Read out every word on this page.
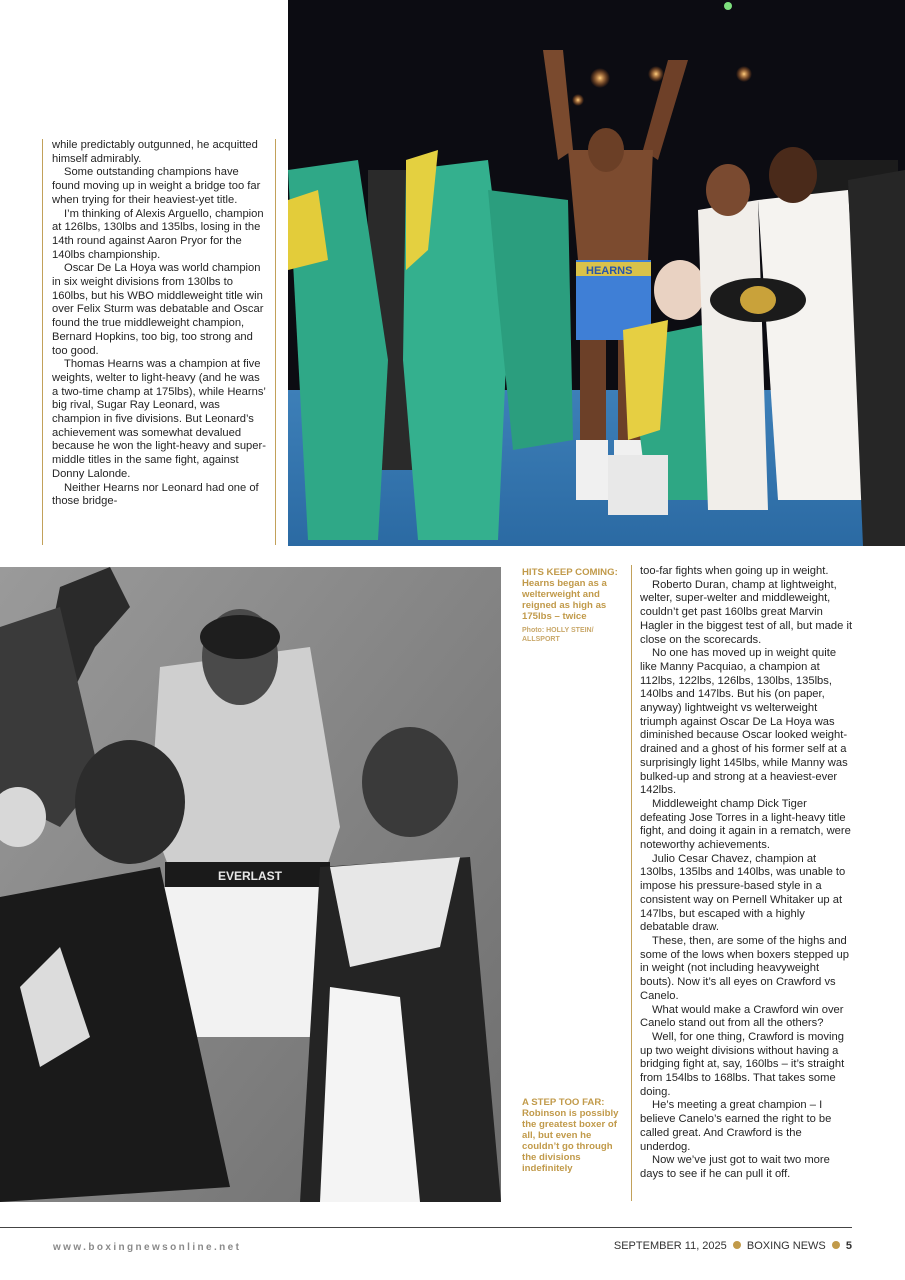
while predictably outgunned, he acquitted himself admirably.

Some outstanding champions have found moving up in weight a bridge too far when trying for their heaviest-yet title.

I’m thinking of Alexis Arguello, champion at 126lbs, 130lbs and 135lbs, losing in the 14th round against Aaron Pryor for the 140lbs championship.

Oscar De La Hoya was world champion in six weight divisions from 130lbs to 160lbs, but his WBO middleweight title win over Felix Sturm was debatable and Oscar found the true middleweight champion, Bernard Hopkins, too big, too strong and too good.

Thomas Hearns was a champion at five weights, welter to light-heavy (and he was a two-time champ at 175lbs), while Hearns’ big rival, Sugar Ray Leonard, was champion in five divisions. But Leonard’s achievement was somewhat devalued because he won the light-heavy and super-middle titles in the same fight, against Donny Lalonde.

Neither Hearns nor Leonard had one of those bridge-

HEARNS
EVERLAST
HITS KEEP COMING: Hearns began as a welterweight and reigned as high as 175lbs – twice
Photo: HOLLY STEIN/ ALLSPORT
A STEP TOO FAR: Robinson is possibly the greatest boxer of all, but even he couldn’t go through the divisions indefinitely

too-far fights when going up in weight.

Roberto Duran, champ at lightweight, welter, super-welter and middleweight, couldn’t get past 160lbs great Marvin Hagler in the biggest test of all, but made it close on the scorecards.

No one has moved up in weight quite like Manny Pacquiao, a champion at 112lbs, 122lbs, 126lbs, 130lbs, 135lbs, 140lbs and 147lbs. But his (on paper, anyway) lightweight vs welterweight triumph against Oscar De La Hoya was diminished because Oscar looked weight-drained and a ghost of his former self at a surprisingly light 145lbs, while Manny was bulked-up and strong at a heaviest-ever 142lbs.

Middleweight champ Dick Tiger defeating Jose Torres in a light-heavy title fight, and doing it again in a rematch, were noteworthy achievements.

Julio Cesar Chavez, champion at 130lbs, 135lbs and 140lbs, was unable to impose his pressure-based style in a consistent way on Pernell Whitaker up at 147lbs, but escaped with a highly debatable draw.

These, then, are some of the highs and some of the lows when boxers stepped up in weight (not including heavyweight bouts). Now it’s all eyes on Crawford vs Canelo.

What would make a Crawford win over Canelo stand out from all the others?

Well, for one thing, Crawford is moving up two weight divisions without having a bridging fight at, say, 160lbs – it’s straight from 154lbs to 168lbs. That takes some doing.

He’s meeting a great champion – I believe Canelo’s earned the right to be called great. And Crawford is the underdog.

Now we’ve just got to wait two more days to see if he can pull it off.

www.boxingnewsonline.net	SEPTEMBER 11, 2025 BOXING NEWS 5
